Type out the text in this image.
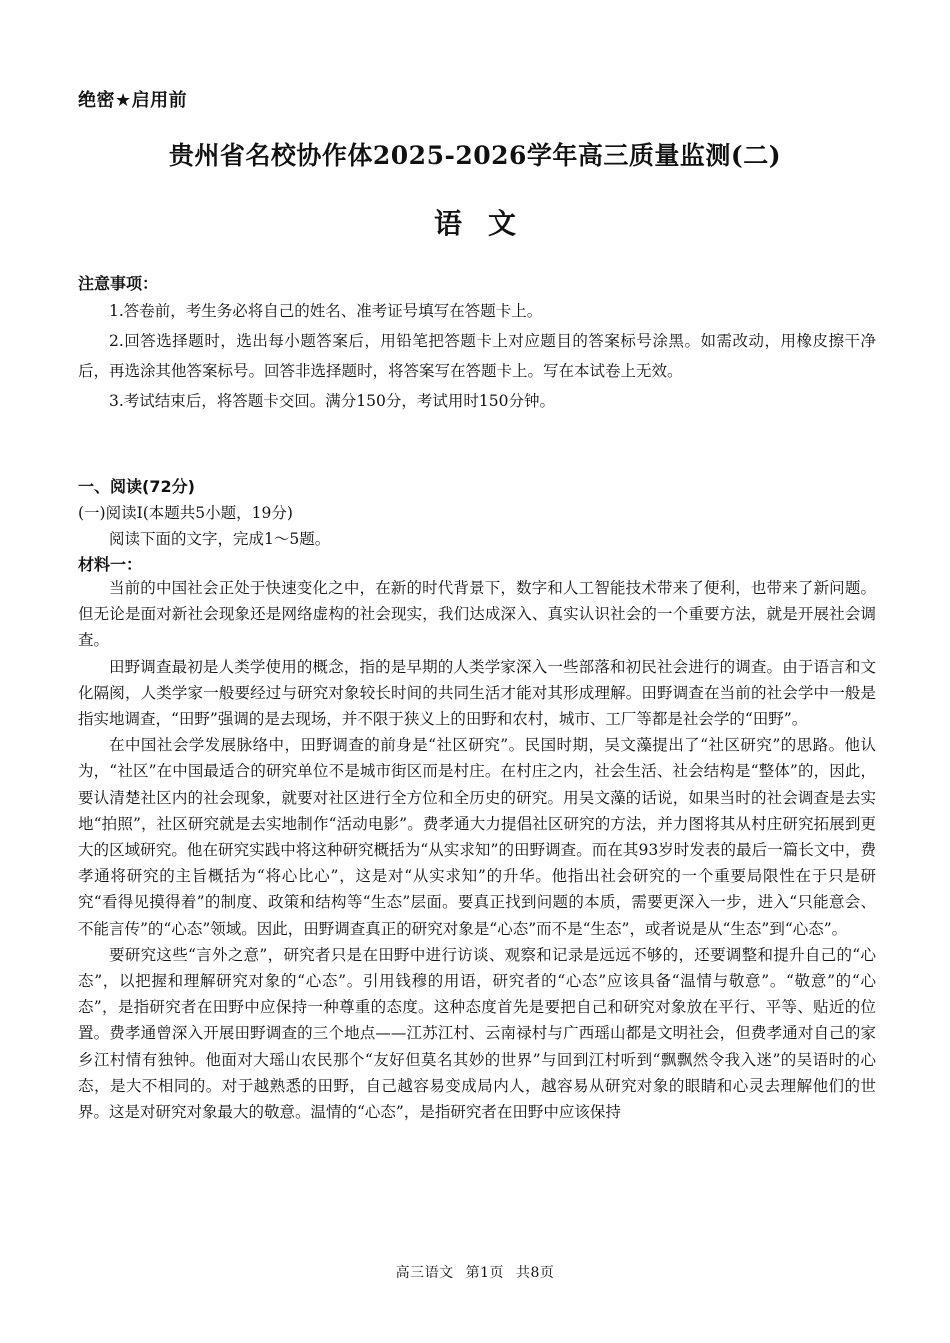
绝密★启用前
贵州省名校协作体2025-2026学年高三质量监测(二)
语文
注意事项：

1.答卷前，考生务必将自己的姓名、准考证号填写在答题卡上。

2.回答选择题时，选出每小题答案后，用铅笔把答题卡上对应题目的答案标号涂黑。如需改动，用橡皮擦干净后，再选涂其他答案标号。回答非选择题时，将答案写在答题卡上。写在本试卷上无效。

3.考试结束后，将答题卡交回。满分150分，考试用时150分钟。

一、阅读(72分)
(一)阅读Ⅰ(本题共5小题，19分)
阅读下面的文字，完成1～5题。
材料一：

当前的中国社会正处于快速变化之中，在新的时代背景下，数字和人工智能技术带来了便利，也带来了新问题。但无论是面对新社会现象还是网络虚构的社会现实，我们达成深入、真实认识社会的一个重要方法，就是开展社会调查。

田野调查最初是人类学使用的概念，指的是早期的人类学家深入一些部落和初民社会进行的调查。由于语言和文化隔阂，人类学家一般要经过与研究对象较长时间的共同生活才能对其形成理解。田野调查在当前的社会学中一般是指实地调查，“田野”强调的是去现场，并不限于狭义上的田野和农村，城市、工厂等都是社会学的“田野”。

在中国社会学发展脉络中，田野调查的前身是“社区研究”。民国时期，吴文藻提出了“社区研究”的思路。他认为，“社区”在中国最适合的研究单位不是城市街区而是村庄。在村庄之内，社会生活、社会结构是“整体”的，因此，要认清楚社区内的社会现象，就要对社区进行全方位和全历史的研究。用吴文藻的话说，如果当时的社会调查是去实地“拍照”，社区研究就是去实地制作“活动电影”。费孝通大力提倡社区研究的方法，并力图将其从村庄研究拓展到更大的区域研究。他在研究实践中将这种研究概括为“从实求知”的田野调查。而在其93岁时发表的最后一篇长文中，费孝通将研究的主旨概括为“将心比心”，这是对“从实求知”的升华。他指出社会研究的一个重要局限性在于只是研究“看得见摸得着”的制度、政策和结构等“生态”层面。要真正找到问题的本质，需要更深入一步，进入“只能意会、不能言传”的“心态”领域。因此，田野调查真正的研究对象是“心态”而不是“生态”，或者说是从“生态”到“心态”。

要研究这些“言外之意”，研究者只是在田野中进行访谈、观察和记录是远远不够的，还要调整和提升自己的“心态”，以把握和理解研究对象的“心态”。引用钱穆的用语，研究者的“心态”应该具备“温情与敬意”。“敬意”的“心态”，是指研究者在田野中应保持一种尊重的态度。这种态度首先是要把自己和研究对象放在平行、平等、贴近的位置。费孝通曾深入开展田野调查的三个地点——江苏江村、云南禄村与广西瑶山都是文明社会，但费孝通对自己的家乡江村情有独钟。他面对大瑶山农民那个“友好但莫名其妙的世界”与回到江村听到“飘飘然令我入迷”的吴语时的心态，是大不相同的。对于越熟悉的田野，自己越容易变成局内人，越容易从研究对象的眼睛和心灵去理解他们的世界。这是对研究对象最大的敬意。温情的“心态”，是指研究者在田野中应该保持

高三语文 第1页 共8页
